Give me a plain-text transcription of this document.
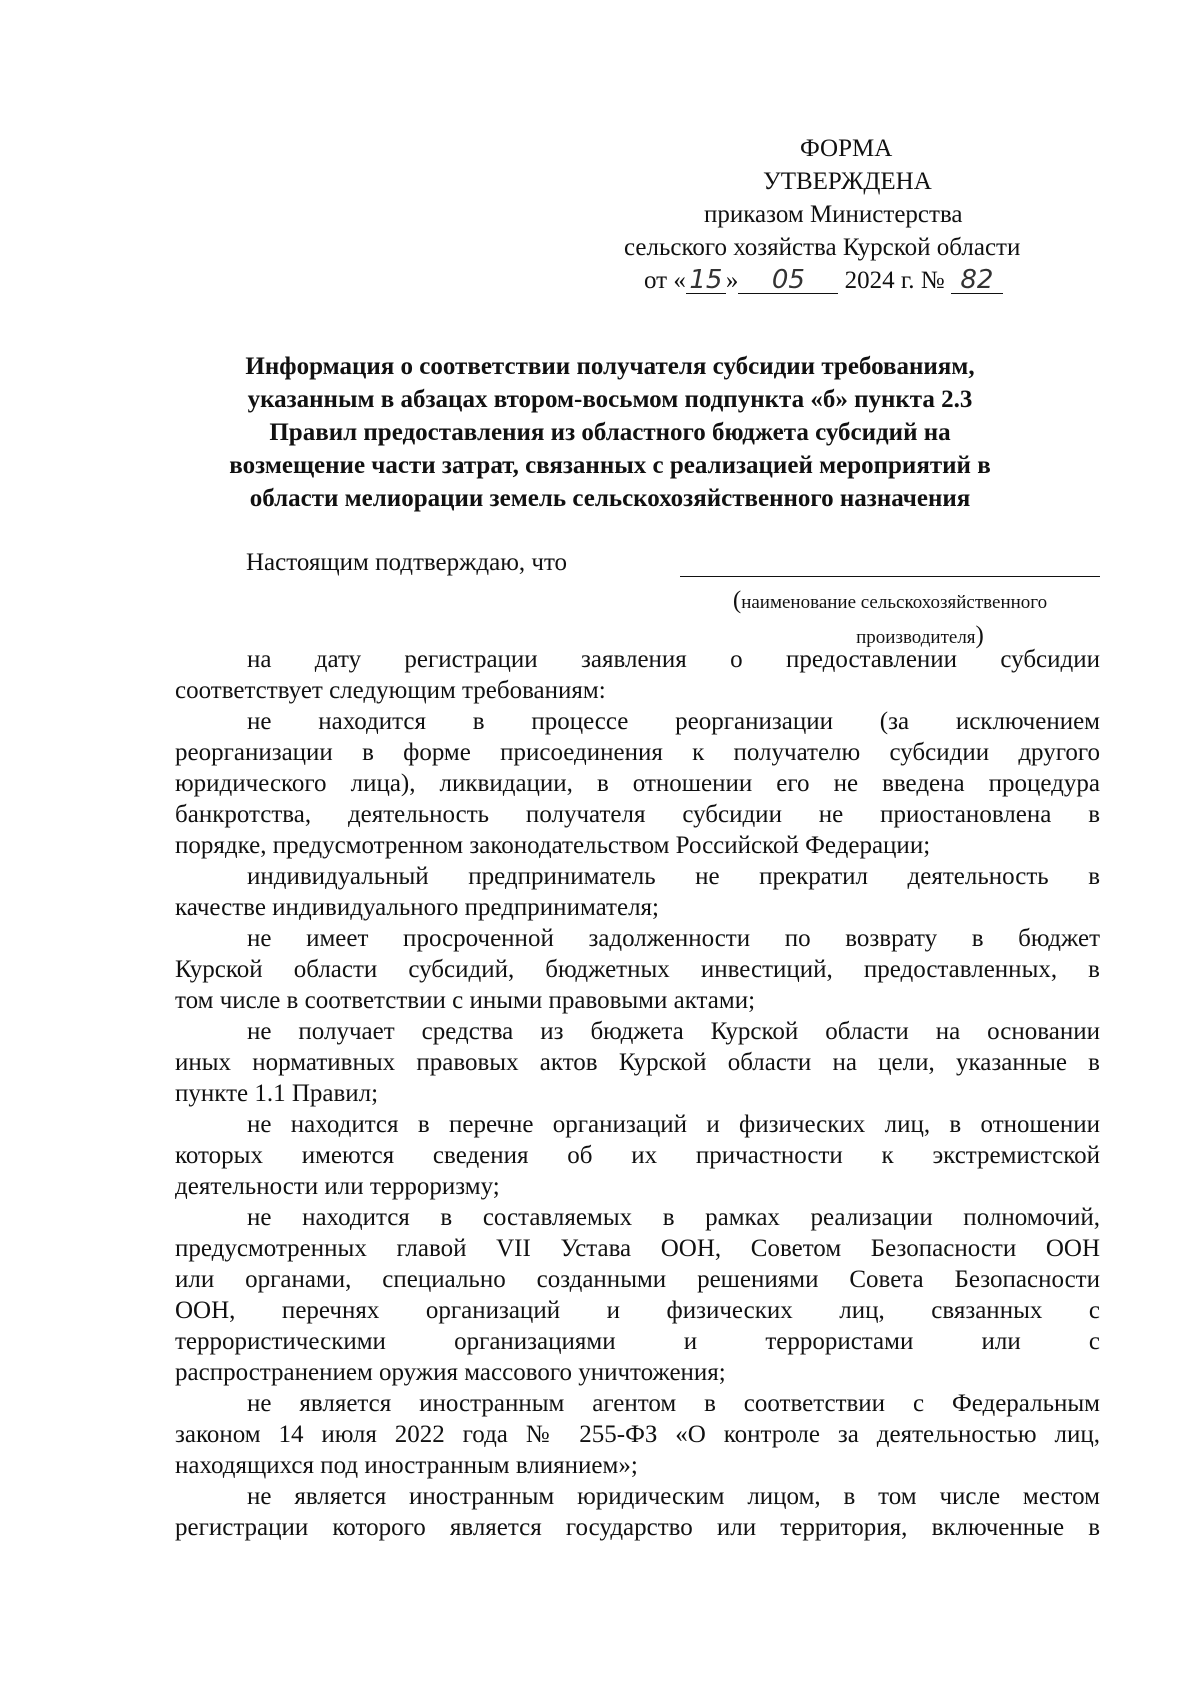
ФОРМА
УТВЕРЖДЕНА
приказом Министерства
сельского хозяйства Курской области
от « 15 » 05 2024 г. № 82
Информация о соответствии получателя субсидии требованиям,
указанным в абзацах втором-восьмом подпункта «б» пункта 2.3
Правил предоставления из областного бюджета субсидий на
возмещение части затрат, связанных с реализацией мероприятий в
области мелиорации земель сельскохозяйственного назначения
Настоящим подтверждаю, что
(наименование сельскохозяйственного
производителя)
на дату регистрации заявления о предоставлении субсидии
соответствует следующим требованиям:
не находится в процессе реорганизации (за исключением
реорганизации в форме присоединения к получателю субсидии другого
юридического лица), ликвидации, в отношении его не введена процедура
банкротства, деятельность получателя субсидии не приостановлена в
порядке, предусмотренном законодательством Российской Федерации;
индивидуальный предприниматель не прекратил деятельность в
качестве индивидуального предпринимателя;
не имеет просроченной задолженности по возврату в бюджет
Курской области субсидий, бюджетных инвестиций, предоставленных, в
том числе в соответствии с иными правовыми актами;
не получает средства из бюджета Курской области на основании
иных нормативных правовых актов Курской области на цели, указанные в
пункте 1.1 Правил;
не находится в перечне организаций и физических лиц, в отношении
которых имеются сведения об их причастности к экстремистской
деятельности или терроризму;
не находится в составляемых в рамках реализации полномочий,
предусмотренных главой VII Устава ООН, Советом Безопасности ООН
или органами, специально созданными решениями Совета Безопасности
ООН, перечнях организаций и физических лиц, связанных с
террористическими организациями и террористами или с
распространением оружия массового уничтожения;
не является иностранным агентом в соответствии с Федеральным
законом 14 июля 2022 года № 255-ФЗ «О контроле за деятельностью лиц,
находящихся под иностранным влиянием»;
не является иностранным юридическим лицом, в том числе местом
регистрации которого является государство или территория, включенные в
